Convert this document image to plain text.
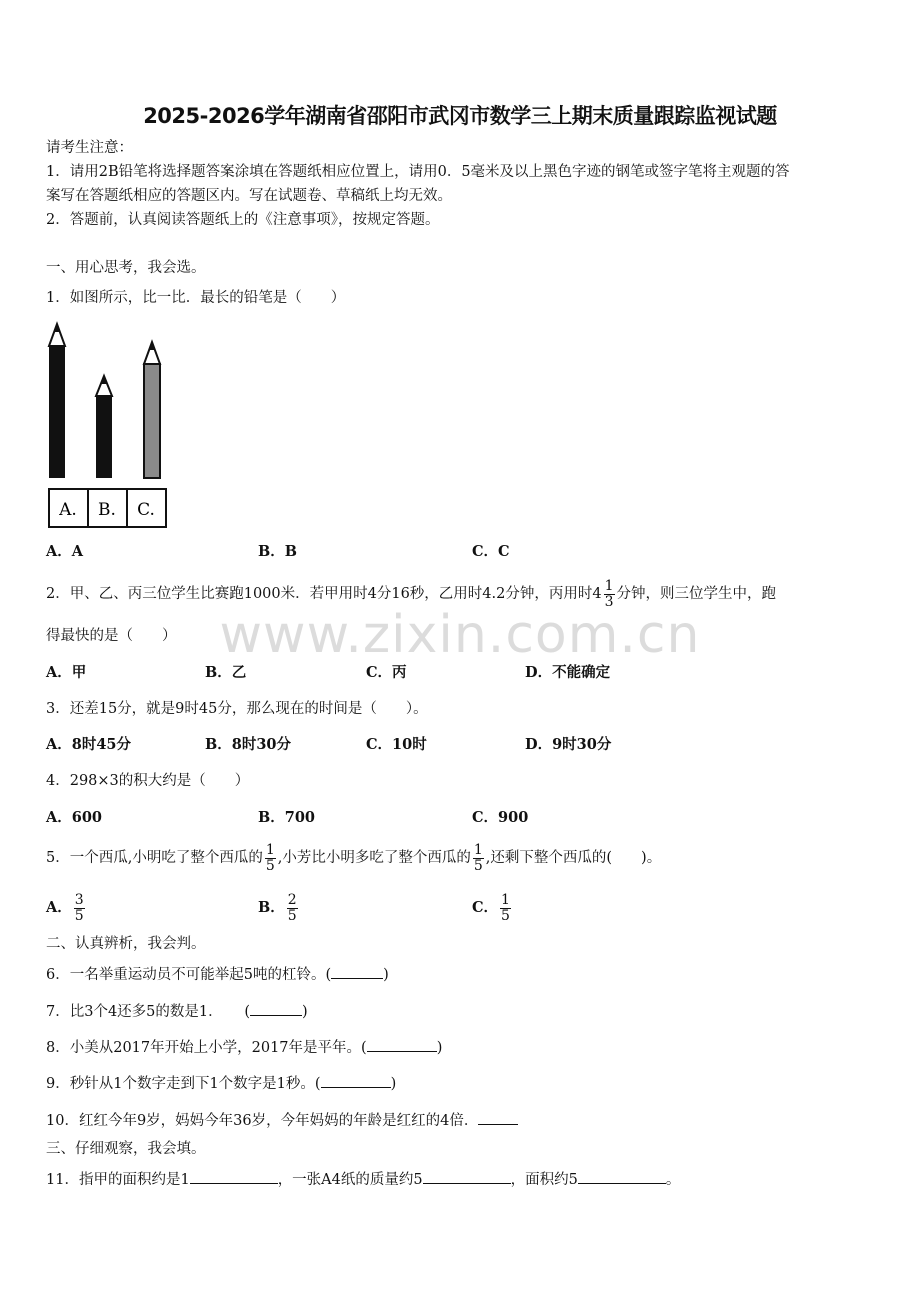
2025-2026学年湖南省邵阳市武冈市数学三上期末质量跟踪监视试题
请考生注意：
1．请用2B铅笔将选择题答案涂填在答题纸相应位置上，请用0．5毫米及以上黑色字迹的钢笔或签字笔将主观题的答
案写在答题纸相应的答题区内。写在试题卷、草稿纸上均无效。
2．答题前，认真阅读答题纸上的《注意事项》，按规定答题。
www.zixin.com.cn
一、用心思考，我会选。
1．如图所示，比一比．最长的铅笔是（　　）
A. B. C.
A．A	B．B	C．C
2．甲、乙、丙三位学生比赛跑1000米．若甲用时4分16秒，乙用时4.2分钟，丙用时$4 \frac{1}{3}$ 分钟，则三位学生中，跑
得最快的是（　　）
A．甲	B．乙	C．丙	D．不能确定
3．还差15分，就是9时45分，那么现在的时间是（　　）。
A．8时45分	B．8时30分	C．10时	D．9时30分
4．298×3的积大约是（　　）
A．600	B．700	C．900
5．一个西瓜,小明吃了整个西瓜的 $\frac{1}{5}$ ,小芳比小明多吃了整个西瓜的 $\frac{1}{5}$ ,还剩下整个西瓜的(　　)。
A． $\frac{3}{5}$	B． $\frac{2}{5}$	C． $\frac{1}{5}$
二、认真辨析，我会判。
6．一名举重运动员不可能举起5吨的杠铃。(	)
7．比3个4还多5的数是1．　　(	)
8．小美从2017年开始上小学，2017年是平年。(	)
9．秒针从1个数字走到下1个数字是1秒。(	)
10．红红今年9岁，妈妈今年36岁，今年妈妈的年龄是红红的4倍．
三、仔细观察，我会填。
11．指甲的面积约是1	，一张A4纸的质量约5	，面积约5	。
